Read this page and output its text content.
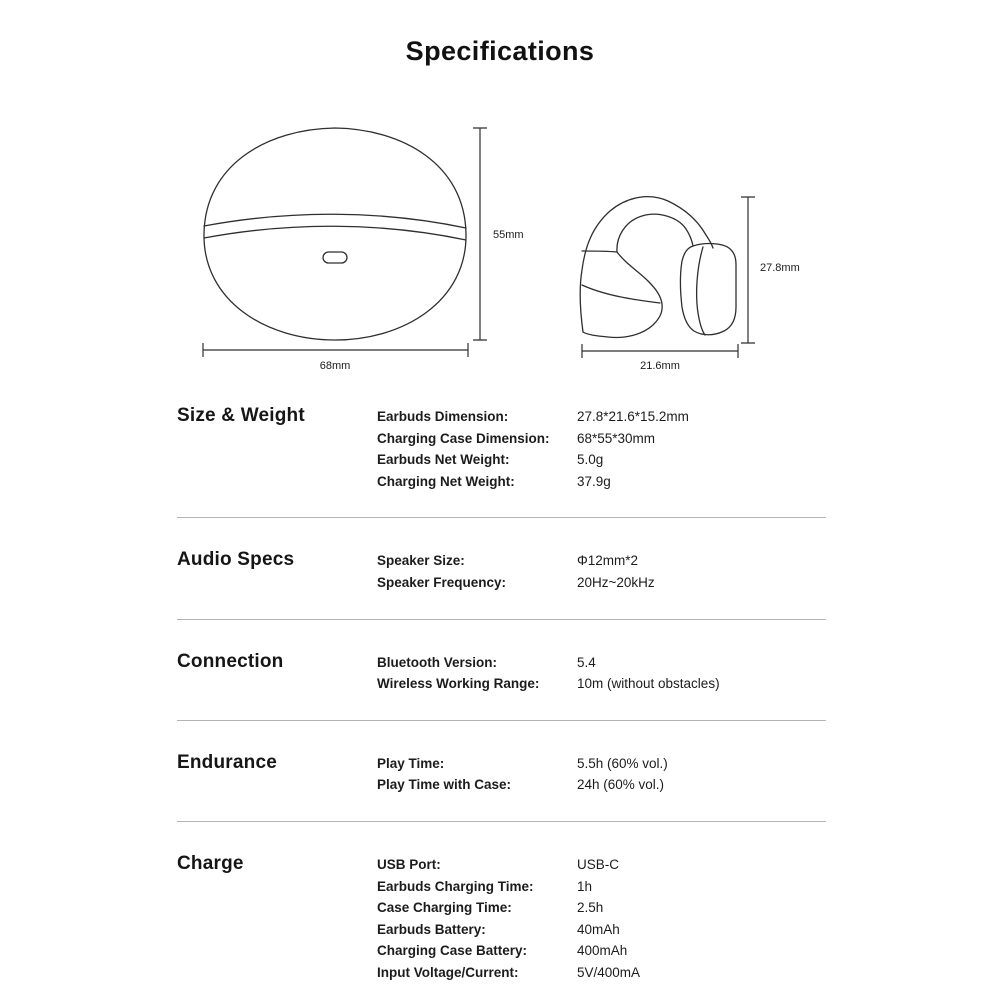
Specifications
55mm
68mm
27.8mm
21.6mm
Size & Weight	Earbuds Dimension:	27.8*21.6*15.2mm
Charging Case Dimension:	68*55*30mm
Earbuds Net Weight:	5.0g
Charging Net Weight:	37.9g
Audio Specs	Speaker Size:	Φ12mm*2
Speaker Frequency:	20Hz~20kHz
Connection	Bluetooth Version:	5.4
Wireless Working Range:	10m (without obstacles)
Endurance	Play Time:	5.5h (60% vol.)
Play Time with Case:	24h (60% vol.)
Charge	USB Port:	USB-C
Earbuds Charging Time:	1h
Case Charging Time:	2.5h
Earbuds Battery:	40mAh
Charging Case Battery:	400mAh
Input Voltage/Current:	5V/400mA
